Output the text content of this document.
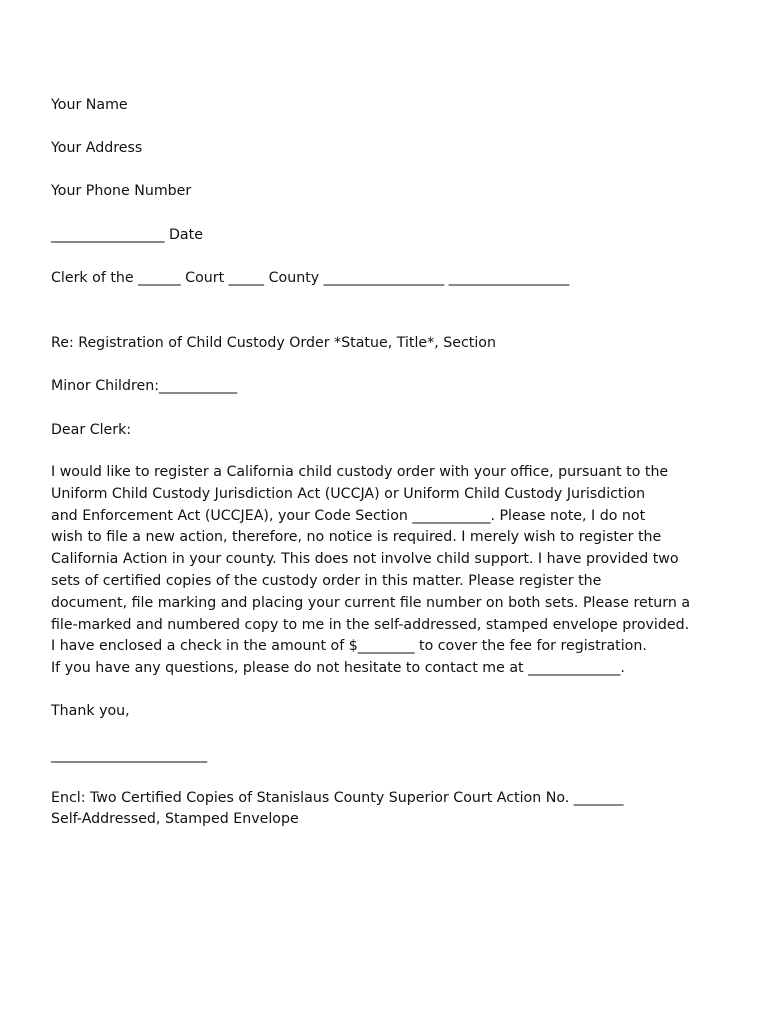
Your Name

Your Address

Your Phone Number

________________ Date

Clerk of the ______ Court _____ County _________________ _________________

Re: Registration of Child Custody Order *Statue, Title*, Section

Minor Children:___________

Dear Clerk:

I would like to register a California child custody order with your office, pursuant to the
Uniform Child Custody Jurisdiction Act (UCCJA) or Uniform Child Custody Jurisdiction
and Enforcement Act (UCCJEA), your Code Section ___________. Please note, I do not
wish to file a new action, therefore, no notice is required. I merely wish to register the
California Action in your county. This does not involve child support. I have provided two
sets of certified copies of the custody order in this matter. Please register the
document, file marking and placing your current file number on both sets. Please return a
file-marked and numbered copy to me in the self-addressed, stamped envelope provided.
I have enclosed a check in the amount of $________ to cover the fee for registration.
If you have any questions, please do not hesitate to contact me at _____________.

Thank you,

______________________

Encl: Two Certified Copies of Stanislaus County Superior Court Action No. _______

Self-Addressed, Stamped Envelope
